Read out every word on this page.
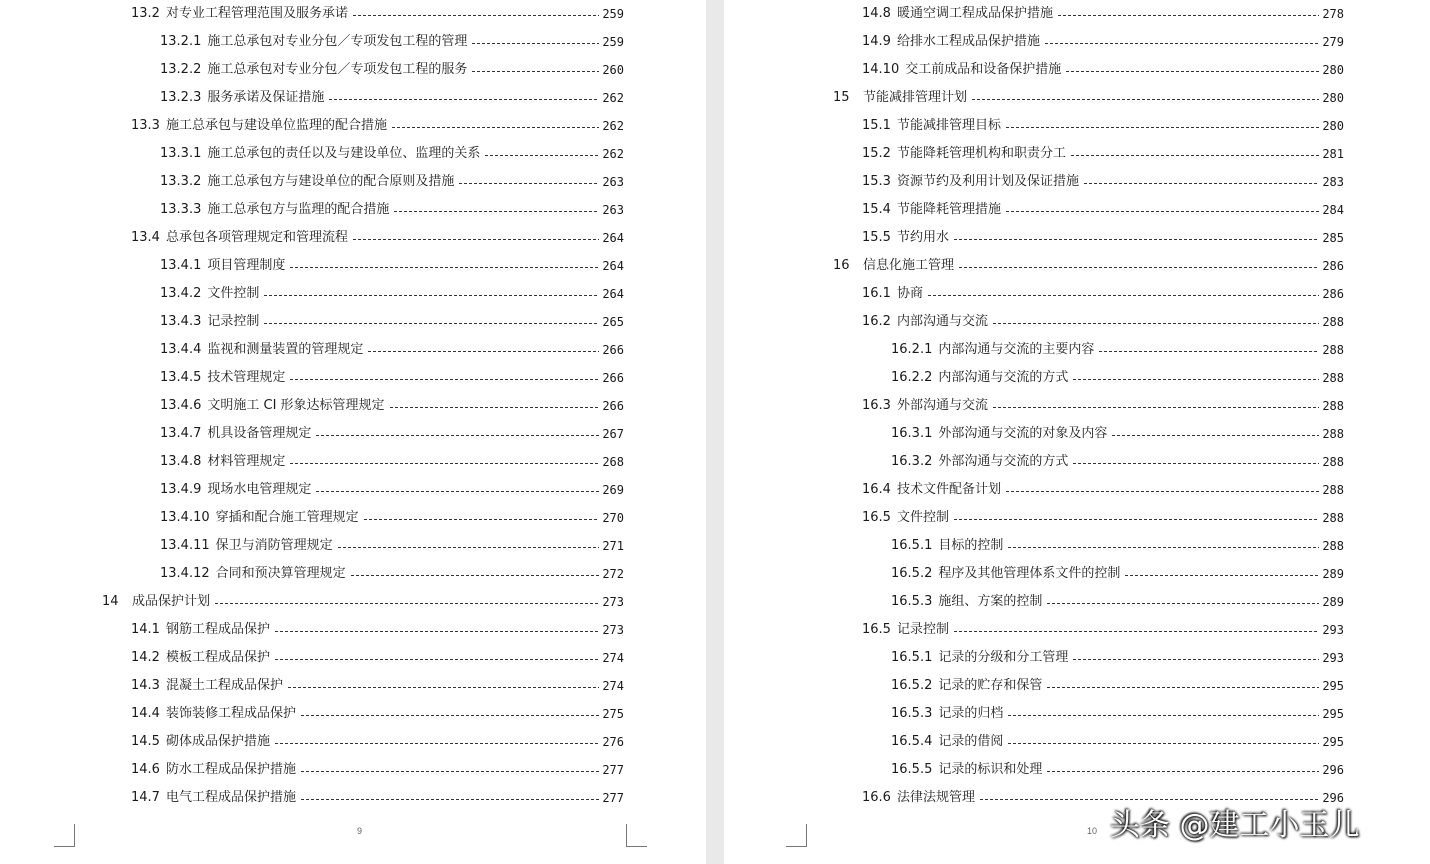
13.2 对专业工程管理范围及服务承诺	259
13.2.1 施工总承包对专业分包／专项发包工程的管理	259
13.2.2 施工总承包对专业分包／专项发包工程的服务	260
13.2.3 服务承诺及保证措施	262
13.3 施工总承包与建设单位监理的配合措施	262
13.3.1 施工总承包的责任以及与建设单位、监理的关系	262
13.3.2 施工总承包方与建设单位的配合原则及措施	263
13.3.3 施工总承包方与监理的配合措施	263
13.4 总承包各项管理规定和管理流程	264
13.4.1 项目管理制度	264
13.4.2 文件控制	264
13.4.3 记录控制	265
13.4.4 监视和测量装置的管理规定	266
13.4.5 技术管理规定	266
13.4.6 文明施工 CI 形象达标管理规定	266
13.4.7 机具设备管理规定	267
13.4.8 材料管理规定	268
13.4.9 现场水电管理规定	269
13.4.10 穿插和配合施工管理规定	270
13.4.11 保卫与消防管理规定	271
13.4.12 合同和预决算管理规定	272
14	成品保护计划	273
14.1 钢筋工程成品保护	273
14.2 模板工程成品保护	274
14.3 混凝土工程成品保护	274
14.4 装饰装修工程成品保护	275
14.5 砌体成品保护措施	276
14.6 防水工程成品保护措施	277
14.7 电气工程成品保护措施	277
9
14.8 暖通空调工程成品保护措施	278
14.9 给排水工程成品保护措施	279
14.10 交工前成品和设备保护措施	280
15	节能减排管理计划	280
15.1 节能减排管理目标	280
15.2 节能降耗管理机构和职责分工	281
15.3 资源节约及利用计划及保证措施	283
15.4 节能降耗管理措施	284
15.5 节约用水	285
16	信息化施工管理	286
16.1 协商	286
16.2 内部沟通与交流	288
16.2.1 内部沟通与交流的主要内容	288
16.2.2 内部沟通与交流的方式	288
16.3 外部沟通与交流	288
16.3.1 外部沟通与交流的对象及内容	288
16.3.2 外部沟通与交流的方式	288
16.4 技术文件配备计划	288
16.5 文件控制	288
16.5.1 目标的控制	288
16.5.2 程序及其他管理体系文件的控制	289
16.5.3 施组、方案的控制	289
16.5 记录控制	293
16.5.1 记录的分级和分工管理	293
16.5.2 记录的贮存和保管	295
16.5.3 记录的归档	295
16.5.4 记录的借阅	295
16.5.5 记录的标识和处理	296
16.6 法律法规管理	296
10 头条 @建工小玉儿
